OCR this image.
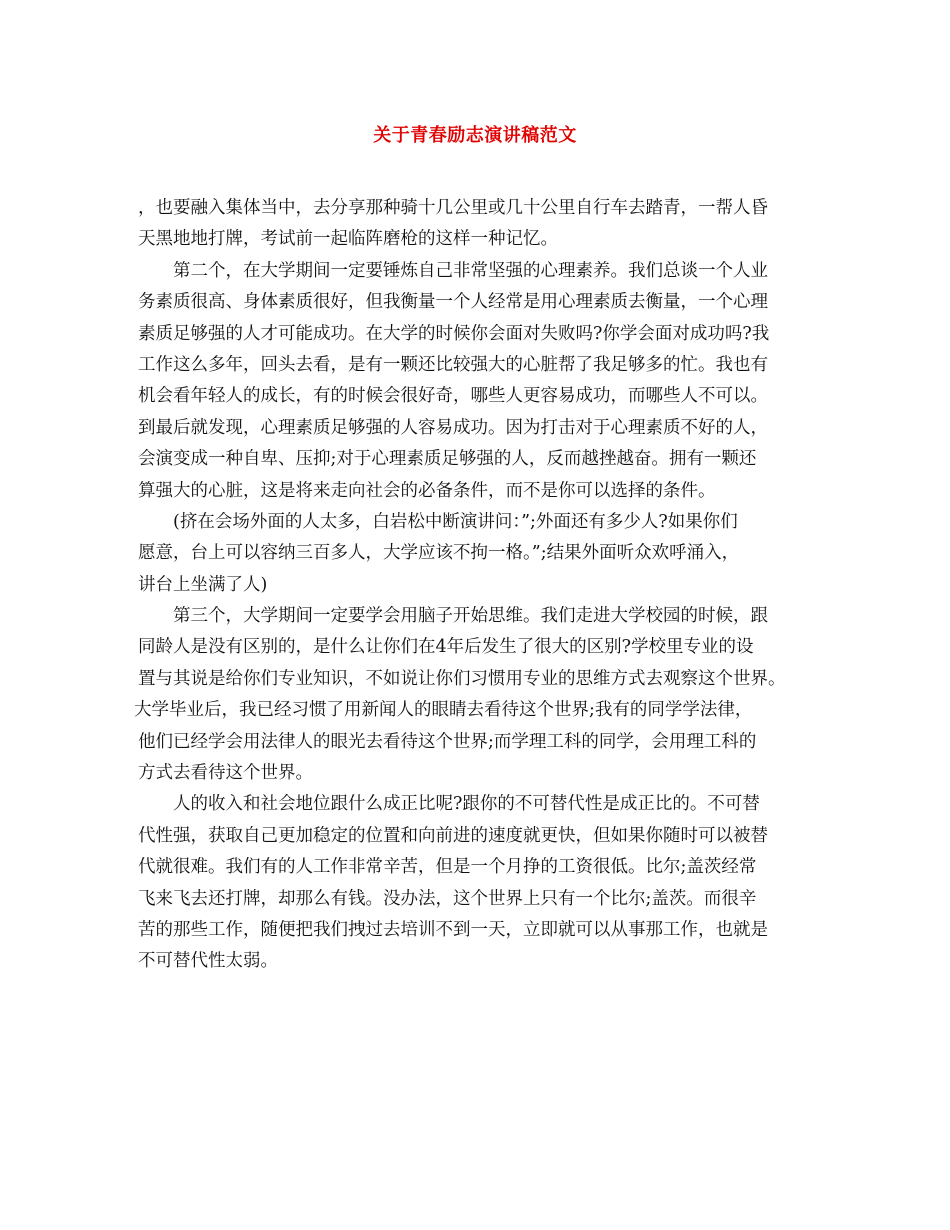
关于青春励志演讲稿范文
，也要融入集体当中，去分享那种骑十几公里或几十公里自行车去踏青，一帮人昏
天黑地地打牌，考试前一起临阵磨枪的这样一种记忆。
第二个，在大学期间一定要锤炼自己非常坚强的心理素养。我们总谈一个人业
务素质很高、身体素质很好，但我衡量一个人经常是用心理素质去衡量，一个心理
素质足够强的人才可能成功。在大学的时候你会面对失败吗?你学会面对成功吗?我
工作这么多年，回头去看，是有一颗还比较强大的心脏帮了我足够多的忙。我也有
机会看年轻人的成长，有的时候会很好奇，哪些人更容易成功，而哪些人不可以。
到最后就发现，心理素质足够强的人容易成功。因为打击对于心理素质不好的人，
会演变成一种自卑、压抑;对于心理素质足够强的人，反而越挫越奋。拥有一颗还
算强大的心脏，这是将来走向社会的必备条件，而不是你可以选择的条件。
(挤在会场外面的人太多，白岩松中断演讲问：”;外面还有多少人?如果你们
愿意，台上可以容纳三百多人，大学应该不拘一格。”;结果外面听众欢呼涌入，
讲台上坐满了人)
第三个，大学期间一定要学会用脑子开始思维。我们走进大学校园的时候，跟
同龄人是没有区别的，是什么让你们在4年后发生了很大的区别?学校里专业的设
置与其说是给你们专业知识，不如说让你们习惯用专业的思维方式去观察这个世界。
大学毕业后，我已经习惯了用新闻人的眼睛去看待这个世界;我有的同学学法律，
他们已经学会用法律人的眼光去看待这个世界;而学理工科的同学，会用理工科的
方式去看待这个世界。
人的收入和社会地位跟什么成正比呢?跟你的不可替代性是成正比的。不可替
代性强，获取自己更加稳定的位置和向前进的速度就更快，但如果你随时可以被替
代就很难。我们有的人工作非常辛苦，但是一个月挣的工资很低。比尔;盖茨经常
飞来飞去还打牌，却那么有钱。没办法，这个世界上只有一个比尔;盖茨。而很辛
苦的那些工作，随便把我们拽过去培训不到一天，立即就可以从事那工作，也就是
不可替代性太弱。
